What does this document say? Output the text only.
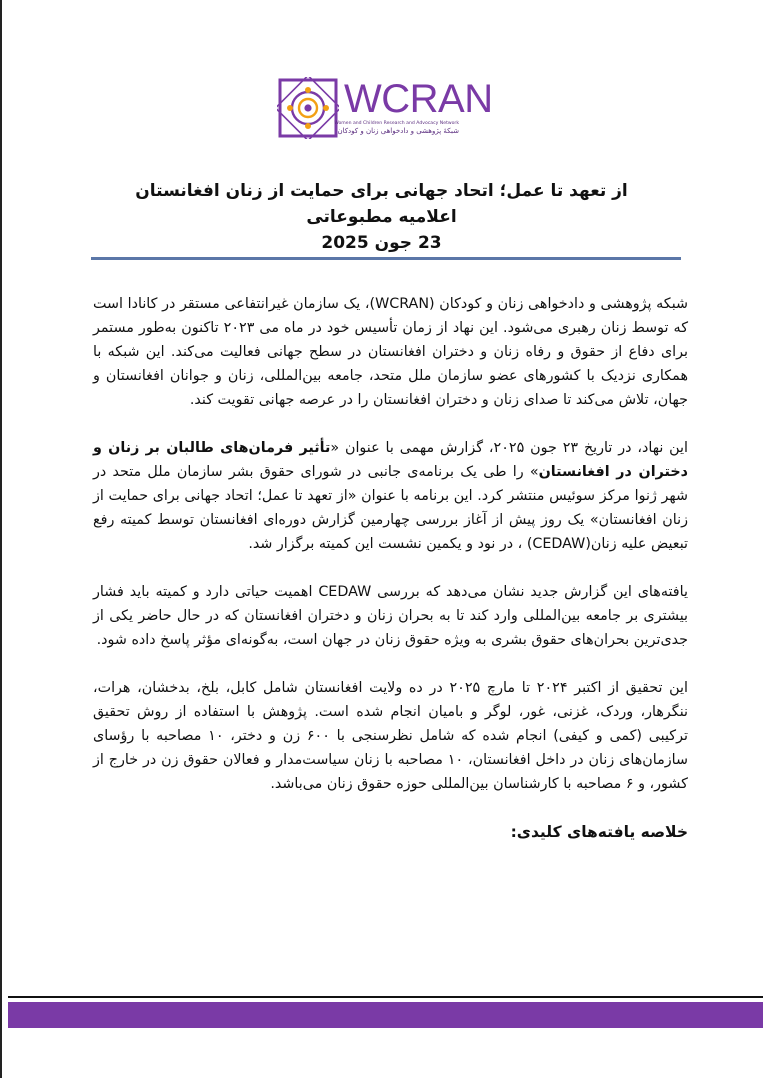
WCRAN
Women and Children Research and Advocacy Network
شبکهٔ پژوهشی و دادخواهی زنان و کودکان
از تعهد تا عمل؛ اتحاد جهانی برای حمایت از زنان افغانستان
اعلامیه مطبوعاتی
23 جون 2025

شبکه پژوهشی و دادخواهی زنان و کودکان (WCRAN)، یک سازمان غیرانتفاعی مستقر در کانادا است که توسط زنان رهبری می‌شود. این نهاد از زمان تأسیس خود در ماه می ۲۰۲۳ تاکنون به‌طور مستمر برای دفاع از حقوق و رفاه زنان و دختران افغانستان در سطح جهانی فعالیت می‌کند. این شبکه با همکاری نزدیک با کشورهای عضو سازمان ملل متحد، جامعه بین‌المللی، زنان و جوانان افغانستان و جهان، تلاش می‌کند تا صدای زنان و دختران افغانستان را در عرصه جهانی تقویت کند.

این نهاد، در تاریخ ۲۳ جون ۲۰۲۵، گزارش مهمی با عنوان «تأثیر فرمان‌های طالبان بر زنان و دختران در افغانستان» را طی یک برنامه‌ی جانبی در شورای حقوق بشر سازمان ملل متحد در شهر ژنوا مرکز سوئیس منتشر کرد. این برنامه با عنوان «از تعهد تا عمل؛ اتحاد جهانی برای حمایت از زنان افغانستان» یک روز پیش از آغاز بررسی چهارمین گزارش دوره‌ای افغانستان توسط کمیته رفع تبعیض علیه زنان(CEDAW) ، در نود و یکمین نشست این کمیته برگزار شد.

یافته‌های این گزارش جدید نشان می‌دهد که بررسی CEDAW اهمیت حیاتی دارد و کمیته باید فشار بیشتری بر جامعه بین‌المللی وارد کند تا به بحران زنان و دختران افغانستان که در حال حاضر یکی از جدی‌ترین بحران‌های حقوق بشری به ویژه حقوق زنان در جهان است، به‌گونه‌ای مؤثر پاسخ داده شود.

این تحقیق از اکتبر ۲۰۲۴ تا مارچ ۲۰۲۵ در ده ولایت افغانستان شامل کابل، بلخ، بدخشان، هرات، ننگرهار، وردک، غزنی، غور، لوگر و بامیان انجام شده است. پژوهش با استفاده از روش تحقیق ترکیبی (کمی و کیفی) انجام شده که شامل نظرسنجی با ۶۰۰ زن و دختر، ۱۰ مصاحبه با رؤسای سازمان‌های زنان در داخل افغانستان، ۱۰ مصاحبه با زنان سیاست‌مدار و فعالان حقوق زن در خارج از کشور، و ۶ مصاحبه با کارشناسان بین‌المللی حوزه حقوق زنان می‌باشد.

خلاصه یافته‌های کلیدی:
